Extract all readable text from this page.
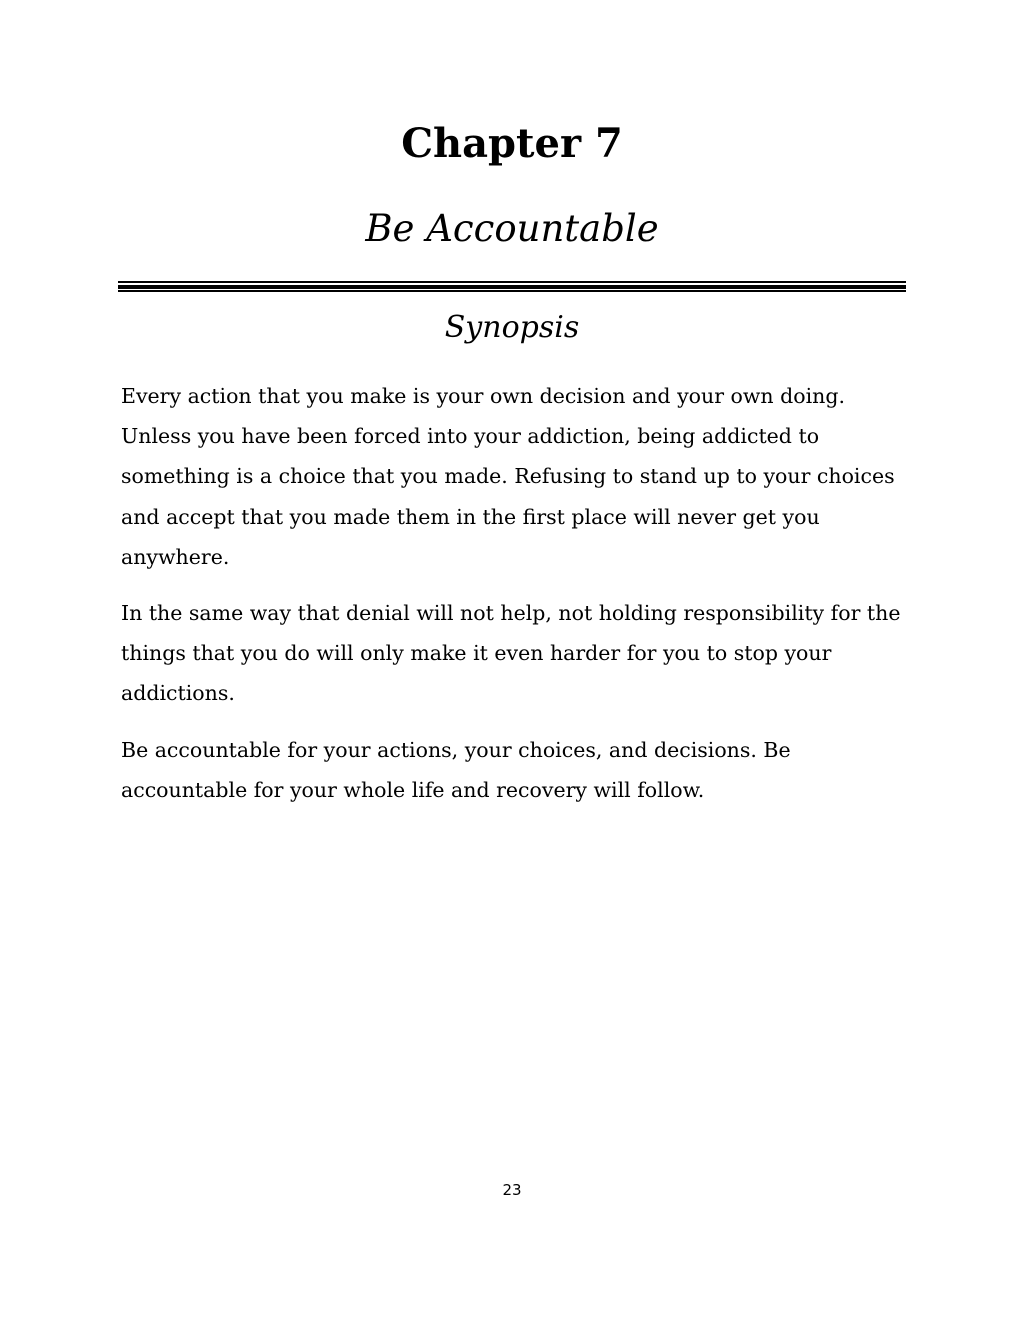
Chapter 7
Be Accountable
Synopsis

Every action that you make is your own decision and your own doing. Unless you have been forced into your addiction, being addicted to something is a choice that you made. Refusing to stand up to your choices and accept that you made them in the first place will never get you anywhere.

In the same way that denial will not help, not holding responsibility for the things that you do will only make it even harder for you to stop your addictions.

Be accountable for your actions, your choices, and decisions. Be accountable for your whole life and recovery will follow.

23
